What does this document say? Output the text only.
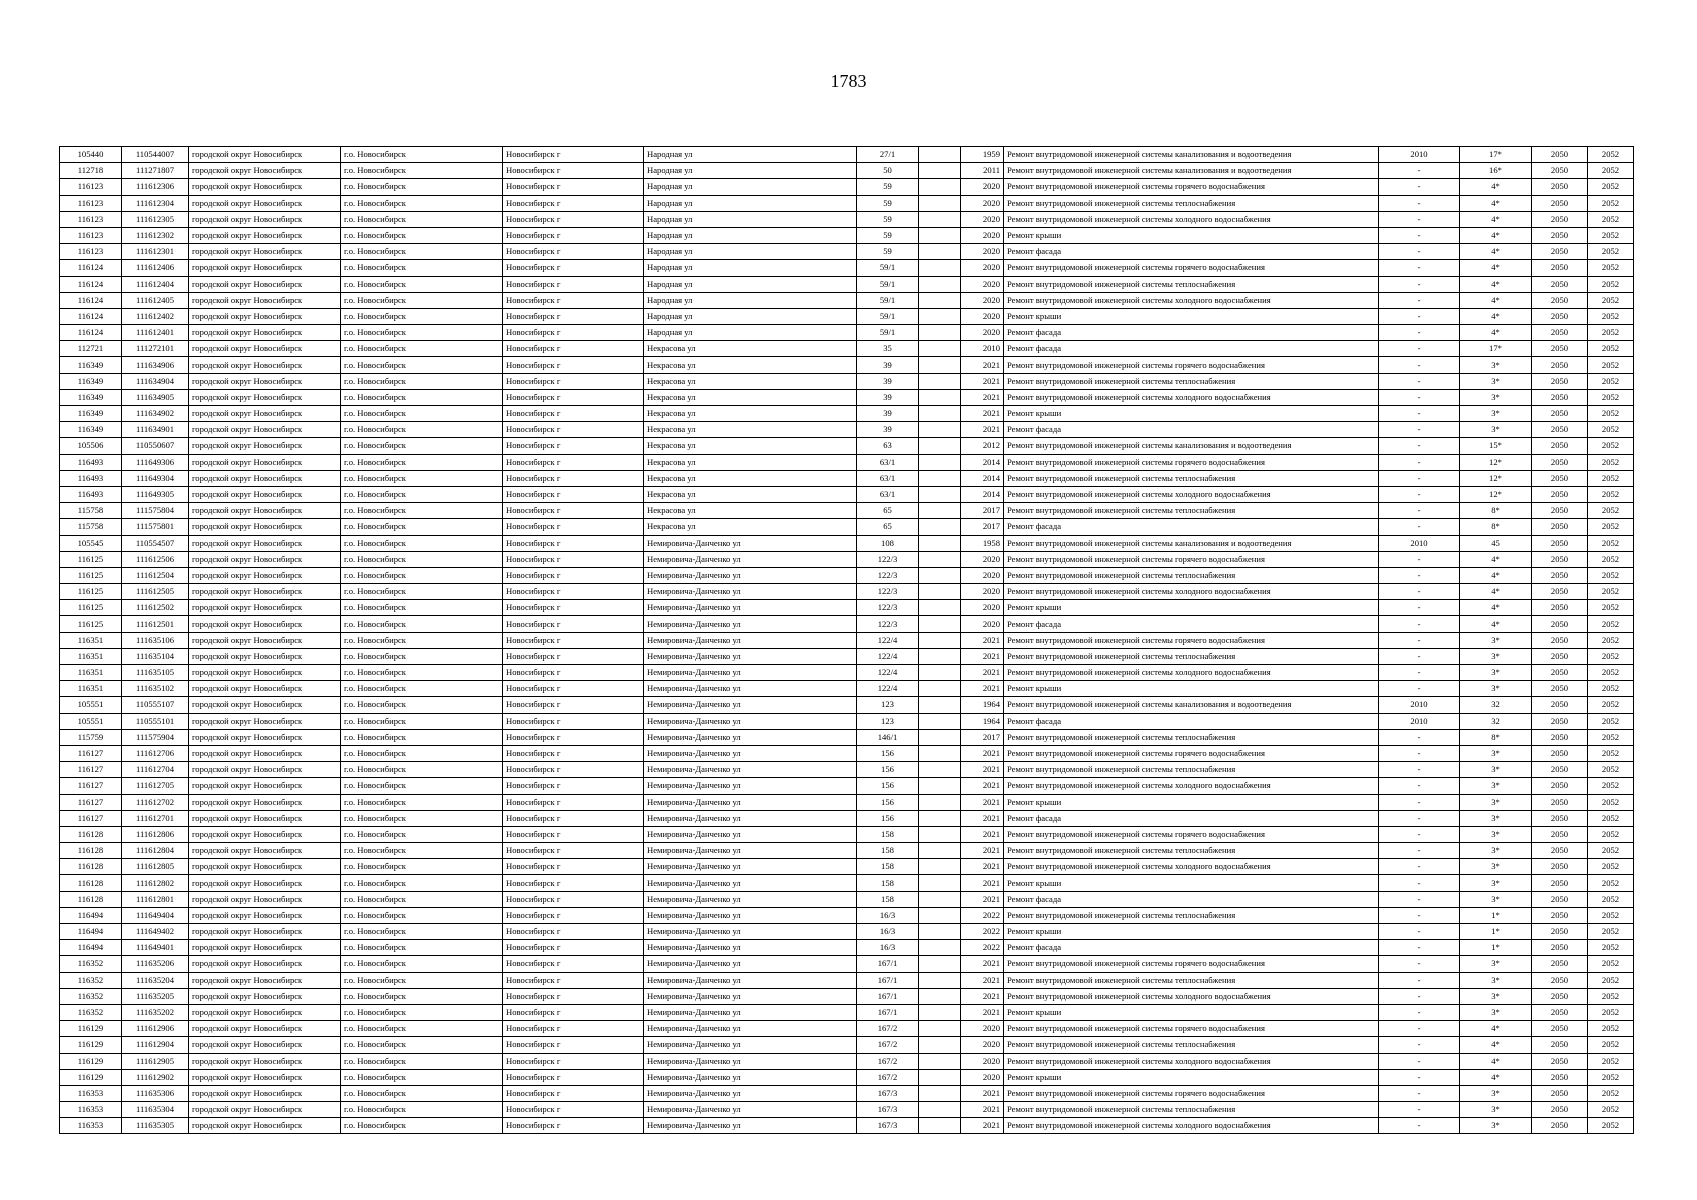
1783
105440	110544007	городской округ Новосибирск	г.о. Новосибирск	Новосибирск г	Народная ул	27/1		1959	Ремонт внутридомовой инженерной системы канализования и водоотведения	2010	17*	2050	2052
112718	111271807	городской округ Новосибирск	г.о. Новосибирск	Новосибирск г	Народная ул	50		2011	Ремонт внутридомовой инженерной системы канализования и водоотведения	-	16*	2050	2052
116123	111612306	городской округ Новосибирск	г.о. Новосибирск	Новосибирск г	Народная ул	59		2020	Ремонт внутридомовой инженерной системы горячего водоснабжения	-	4*	2050	2052
116123	111612304	городской округ Новосибирск	г.о. Новосибирск	Новосибирск г	Народная ул	59		2020	Ремонт внутридомовой инженерной системы теплоснабжения	-	4*	2050	2052
116123	111612305	городской округ Новосибирск	г.о. Новосибирск	Новосибирск г	Народная ул	59		2020	Ремонт внутридомовой инженерной системы холодного водоснабжения	-	4*	2050	2052
116123	111612302	городской округ Новосибирск	г.о. Новосибирск	Новосибирск г	Народная ул	59		2020	Ремонт крыши	-	4*	2050	2052
116123	111612301	городской округ Новосибирск	г.о. Новосибирск	Новосибирск г	Народная ул	59		2020	Ремонт фасада	-	4*	2050	2052
116124	111612406	городской округ Новосибирск	г.о. Новосибирск	Новосибирск г	Народная ул	59/1		2020	Ремонт внутридомовой инженерной системы горячего водоснабжения	-	4*	2050	2052
116124	111612404	городской округ Новосибирск	г.о. Новосибирск	Новосибирск г	Народная ул	59/1		2020	Ремонт внутридомовой инженерной системы теплоснабжения	-	4*	2050	2052
116124	111612405	городской округ Новосибирск	г.о. Новосибирск	Новосибирск г	Народная ул	59/1		2020	Ремонт внутридомовой инженерной системы холодного водоснабжения	-	4*	2050	2052
116124	111612402	городской округ Новосибирск	г.о. Новосибирск	Новосибирск г	Народная ул	59/1		2020	Ремонт крыши	-	4*	2050	2052
116124	111612401	городской округ Новосибирск	г.о. Новосибирск	Новосибирск г	Народная ул	59/1		2020	Ремонт фасада	-	4*	2050	2052
112721	111272101	городской округ Новосибирск	г.о. Новосибирск	Новосибирск г	Некрасова ул	35		2010	Ремонт фасада	-	17*	2050	2052
116349	111634906	городской округ Новосибирск	г.о. Новосибирск	Новосибирск г	Некрасова ул	39		2021	Ремонт внутридомовой инженерной системы горячего водоснабжения	-	3*	2050	2052
116349	111634904	городской округ Новосибирск	г.о. Новосибирск	Новосибирск г	Некрасова ул	39		2021	Ремонт внутридомовой инженерной системы теплоснабжения	-	3*	2050	2052
116349	111634905	городской округ Новосибирск	г.о. Новосибирск	Новосибирск г	Некрасова ул	39		2021	Ремонт внутридомовой инженерной системы холодного водоснабжения	-	3*	2050	2052
116349	111634902	городской округ Новосибирск	г.о. Новосибирск	Новосибирск г	Некрасова ул	39		2021	Ремонт крыши	-	3*	2050	2052
116349	111634901	городской округ Новосибирск	г.о. Новосибирск	Новосибирск г	Некрасова ул	39		2021	Ремонт фасада	-	3*	2050	2052
105506	110550607	городской округ Новосибирск	г.о. Новосибирск	Новосибирск г	Некрасова ул	63		2012	Ремонт внутридомовой инженерной системы канализования и водоотведения	-	15*	2050	2052
116493	111649306	городской округ Новосибирск	г.о. Новосибирск	Новосибирск г	Некрасова ул	63/1		2014	Ремонт внутридомовой инженерной системы горячего водоснабжения	-	12*	2050	2052
116493	111649304	городской округ Новосибирск	г.о. Новосибирск	Новосибирск г	Некрасова ул	63/1		2014	Ремонт внутридомовой инженерной системы теплоснабжения	-	12*	2050	2052
116493	111649305	городской округ Новосибирск	г.о. Новосибирск	Новосибирск г	Некрасова ул	63/1		2014	Ремонт внутридомовой инженерной системы холодного водоснабжения	-	12*	2050	2052
115758	111575804	городской округ Новосибирск	г.о. Новосибирск	Новосибирск г	Некрасова ул	65		2017	Ремонт внутридомовой инженерной системы теплоснабжения	-	8*	2050	2052
115758	111575801	городской округ Новосибирск	г.о. Новосибирск	Новосибирск г	Некрасова ул	65		2017	Ремонт фасада	-	8*	2050	2052
105545	110554507	городской округ Новосибирск	г.о. Новосибирск	Новосибирск г	Немировича-Данченко ул	108		1958	Ремонт внутридомовой инженерной системы канализования и водоотведения	2010	45	2050	2052
116125	111612506	городской округ Новосибирск	г.о. Новосибирск	Новосибирск г	Немировича-Данченко ул	122/3		2020	Ремонт внутридомовой инженерной системы горячего водоснабжения	-	4*	2050	2052
116125	111612504	городской округ Новосибирск	г.о. Новосибирск	Новосибирск г	Немировича-Данченко ул	122/3		2020	Ремонт внутридомовой инженерной системы теплоснабжения	-	4*	2050	2052
116125	111612505	городской округ Новосибирск	г.о. Новосибирск	Новосибирск г	Немировича-Данченко ул	122/3		2020	Ремонт внутридомовой инженерной системы холодного водоснабжения	-	4*	2050	2052
116125	111612502	городской округ Новосибирск	г.о. Новосибирск	Новосибирск г	Немировича-Данченко ул	122/3		2020	Ремонт крыши	-	4*	2050	2052
116125	111612501	городской округ Новосибирск	г.о. Новосибирск	Новосибирск г	Немировича-Данченко ул	122/3		2020	Ремонт фасада	-	4*	2050	2052
116351	111635106	городской округ Новосибирск	г.о. Новосибирск	Новосибирск г	Немировича-Данченко ул	122/4		2021	Ремонт внутридомовой инженерной системы горячего водоснабжения	-	3*	2050	2052
116351	111635104	городской округ Новосибирск	г.о. Новосибирск	Новосибирск г	Немировича-Данченко ул	122/4		2021	Ремонт внутридомовой инженерной системы теплоснабжения	-	3*	2050	2052
116351	111635105	городской округ Новосибирск	г.о. Новосибирск	Новосибирск г	Немировича-Данченко ул	122/4		2021	Ремонт внутридомовой инженерной системы холодного водоснабжения	-	3*	2050	2052
116351	111635102	городской округ Новосибирск	г.о. Новосибирск	Новосибирск г	Немировича-Данченко ул	122/4		2021	Ремонт крыши	-	3*	2050	2052
105551	110555107	городской округ Новосибирск	г.о. Новосибирск	Новосибирск г	Немировича-Данченко ул	123		1964	Ремонт внутридомовой инженерной системы канализования и водоотведения	2010	32	2050	2052
105551	110555101	городской округ Новосибирск	г.о. Новосибирск	Новосибирск г	Немировича-Данченко ул	123		1964	Ремонт фасада	2010	32	2050	2052
115759	111575904	городской округ Новосибирск	г.о. Новосибирск	Новосибирск г	Немировича-Данченко ул	146/1		2017	Ремонт внутридомовой инженерной системы теплоснабжения	-	8*	2050	2052
116127	111612706	городской округ Новосибирск	г.о. Новосибирск	Новосибирск г	Немировича-Данченко ул	156		2021	Ремонт внутридомовой инженерной системы горячего водоснабжения	-	3*	2050	2052
116127	111612704	городской округ Новосибирск	г.о. Новосибирск	Новосибирск г	Немировича-Данченко ул	156		2021	Ремонт внутридомовой инженерной системы теплоснабжения	-	3*	2050	2052
116127	111612705	городской округ Новосибирск	г.о. Новосибирск	Новосибирск г	Немировича-Данченко ул	156		2021	Ремонт внутридомовой инженерной системы холодного водоснабжения	-	3*	2050	2052
116127	111612702	городской округ Новосибирск	г.о. Новосибирск	Новосибирск г	Немировича-Данченко ул	156		2021	Ремонт крыши	-	3*	2050	2052
116127	111612701	городской округ Новосибирск	г.о. Новосибирск	Новосибирск г	Немировича-Данченко ул	156		2021	Ремонт фасада	-	3*	2050	2052
116128	111612806	городской округ Новосибирск	г.о. Новосибирск	Новосибирск г	Немировича-Данченко ул	158		2021	Ремонт внутридомовой инженерной системы горячего водоснабжения	-	3*	2050	2052
116128	111612804	городской округ Новосибирск	г.о. Новосибирск	Новосибирск г	Немировича-Данченко ул	158		2021	Ремонт внутридомовой инженерной системы теплоснабжения	-	3*	2050	2052
116128	111612805	городской округ Новосибирск	г.о. Новосибирск	Новосибирск г	Немировича-Данченко ул	158		2021	Ремонт внутридомовой инженерной системы холодного водоснабжения	-	3*	2050	2052
116128	111612802	городской округ Новосибирск	г.о. Новосибирск	Новосибирск г	Немировича-Данченко ул	158		2021	Ремонт крыши	-	3*	2050	2052
116128	111612801	городской округ Новосибирск	г.о. Новосибирск	Новосибирск г	Немировича-Данченко ул	158		2021	Ремонт фасада	-	3*	2050	2052
116494	111649404	городской округ Новосибирск	г.о. Новосибирск	Новосибирск г	Немировича-Данченко ул	16/3		2022	Ремонт внутридомовой инженерной системы теплоснабжения	-	1*	2050	2052
116494	111649402	городской округ Новосибирск	г.о. Новосибирск	Новосибирск г	Немировича-Данченко ул	16/3		2022	Ремонт крыши	-	1*	2050	2052
116494	111649401	городской округ Новосибирск	г.о. Новосибирск	Новосибирск г	Немировича-Данченко ул	16/3		2022	Ремонт фасада	-	1*	2050	2052
116352	111635206	городской округ Новосибирск	г.о. Новосибирск	Новосибирск г	Немировича-Данченко ул	167/1		2021	Ремонт внутридомовой инженерной системы горячего водоснабжения	-	3*	2050	2052
116352	111635204	городской округ Новосибирск	г.о. Новосибирск	Новосибирск г	Немировича-Данченко ул	167/1		2021	Ремонт внутридомовой инженерной системы теплоснабжения	-	3*	2050	2052
116352	111635205	городской округ Новосибирск	г.о. Новосибирск	Новосибирск г	Немировича-Данченко ул	167/1		2021	Ремонт внутридомовой инженерной системы холодного водоснабжения	-	3*	2050	2052
116352	111635202	городской округ Новосибирск	г.о. Новосибирск	Новосибирск г	Немировича-Данченко ул	167/1		2021	Ремонт крыши	-	3*	2050	2052
116129	111612906	городской округ Новосибирск	г.о. Новосибирск	Новосибирск г	Немировича-Данченко ул	167/2		2020	Ремонт внутридомовой инженерной системы горячего водоснабжения	-	4*	2050	2052
116129	111612904	городской округ Новосибирск	г.о. Новосибирск	Новосибирск г	Немировича-Данченко ул	167/2		2020	Ремонт внутридомовой инженерной системы теплоснабжения	-	4*	2050	2052
116129	111612905	городской округ Новосибирск	г.о. Новосибирск	Новосибирск г	Немировича-Данченко ул	167/2		2020	Ремонт внутридомовой инженерной системы холодного водоснабжения	-	4*	2050	2052
116129	111612902	городской округ Новосибирск	г.о. Новосибирск	Новосибирск г	Немировича-Данченко ул	167/2		2020	Ремонт крыши	-	4*	2050	2052
116353	111635306	городской округ Новосибирск	г.о. Новосибирск	Новосибирск г	Немировича-Данченко ул	167/3		2021	Ремонт внутридомовой инженерной системы горячего водоснабжения	-	3*	2050	2052
116353	111635304	городской округ Новосибирск	г.о. Новосибирск	Новосибирск г	Немировича-Данченко ул	167/3		2021	Ремонт внутридомовой инженерной системы теплоснабжения	-	3*	2050	2052
116353	111635305	городской округ Новосибирск	г.о. Новосибирск	Новосибирск г	Немировича-Данченко ул	167/3		2021	Ремонт внутридомовой инженерной системы холодного водоснабжения	-	3*	2050	2052
